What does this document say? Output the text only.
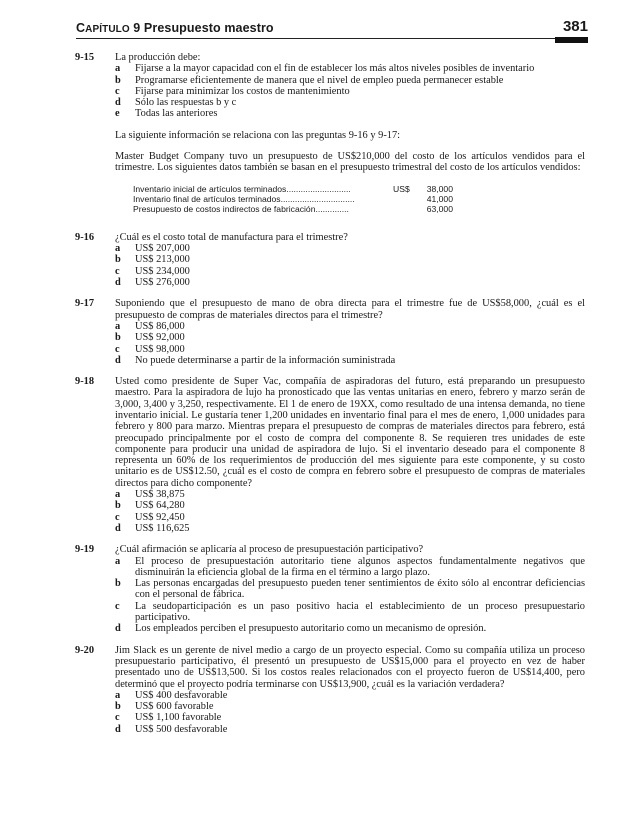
CAPÍTULO 9 Presupuesto maestro	381
9-15	La producción debe:
a	Fijarse a la mayor capacidad con el fin de establecer los más altos niveles posibles de inventario
b	Programarse eficientemente de manera que el nivel de empleo pueda permanecer estable
c	Fijarse para minimizar los costos de mantenimiento
d	Sólo las respuestas b y c
e	Todas las anteriores
La siguiente información se relaciona con las preguntas 9-16 y 9-17:
Master Budget Company tuvo un presupuesto de US$210,000 del costo de los artículos vendidos para el trimestre. Los siguientes datos también se basan en el presupuesto trimestral del costo de los artículos vendidos:
Inventario inicial de artículos terminados...........................	US$	38,000
Inventario final de artículos terminados...............................	41,000
Presupuesto de costos indirectos de fabricación..............	63,000
9-16	¿Cuál es el costo total de manufactura para el trimestre?
a	US$ 207,000
b	US$ 213,000
c	US$ 234,000
d	US$ 276,000
9-17	Suponiendo que el presupuesto de mano de obra directa para el trimestre fue de US$58,000, ¿cuál es el presupuesto de compras de materiales directos para el trimestre?
a	US$ 86,000
b	US$ 92,000
c	US$ 98,000
d	No puede determinarse a partir de la información suministrada
9-18	Usted como presidente de Super Vac, compañía de aspiradoras del futuro, está preparando un presupuesto maestro. Para la aspiradora de lujo ha pronosticado que las ventas unitarias en enero, febrero y marzo serán de 3,000, 3,400 y 3,250, respectivamente. El 1 de enero de 19XX, como resultado de una intensa demanda, no tiene inventario inicial. Le gustaría tener 1,200 unidades en inventario final para el mes de enero, 1,000 unidades para febrero y 800 para marzo. Mientras prepara el presupuesto de compras de materiales directos para febrero, está preocupado principalmente por el costo de compra del componente 8. Se requieren tres unidades de este componente para producir una unidad de aspiradora de lujo. Si el inventario deseado para el componente 8 representa un 60% de los requerimientos de producción del mes siguiente para este componente, y su costo unitario es de US$12.50, ¿cuál es el costo de compra en febrero sobre el presupuesto de compras de materiales directos para dicho componente?
a	US$ 38,875
b	US$ 64,280
c	US$ 92,450
d	US$ 116,625
9-19	¿Cuál afirmación se aplicaría al proceso de presupuestación participativo?
a	El proceso de presupuestación autoritario tiene algunos aspectos fundamentalmente negativos que disminuirán la eficiencia global de la firma en el término a largo plazo.
b	Las personas encargadas del presupuesto pueden tener sentimientos de éxito sólo al encontrar deficiencias con el personal de fábrica.
c	La seudoparticipación es un paso positivo hacia el establecimiento de un proceso presupuestario participativo.
d	Los empleados perciben el presupuesto autoritario como un mecanismo de opresión.
9-20	Jim Slack es un gerente de nivel medio a cargo de un proyecto especial. Como su compañía utiliza un proceso presupuestario participativo, él presentó un presupuesto de US$15,000 para el proyecto en vez de haber presentado uno de US$13,500. Si los costos reales relacionados con el proyecto fueron de US$14,400, pero determinó que el proyecto podría terminarse con US$13,900, ¿cuál es la variación verdadera?
a	US$ 400 desfavorable
b	US$ 600 favorable
c	US$ 1,100 favorable
d	US$ 500 desfavorable
